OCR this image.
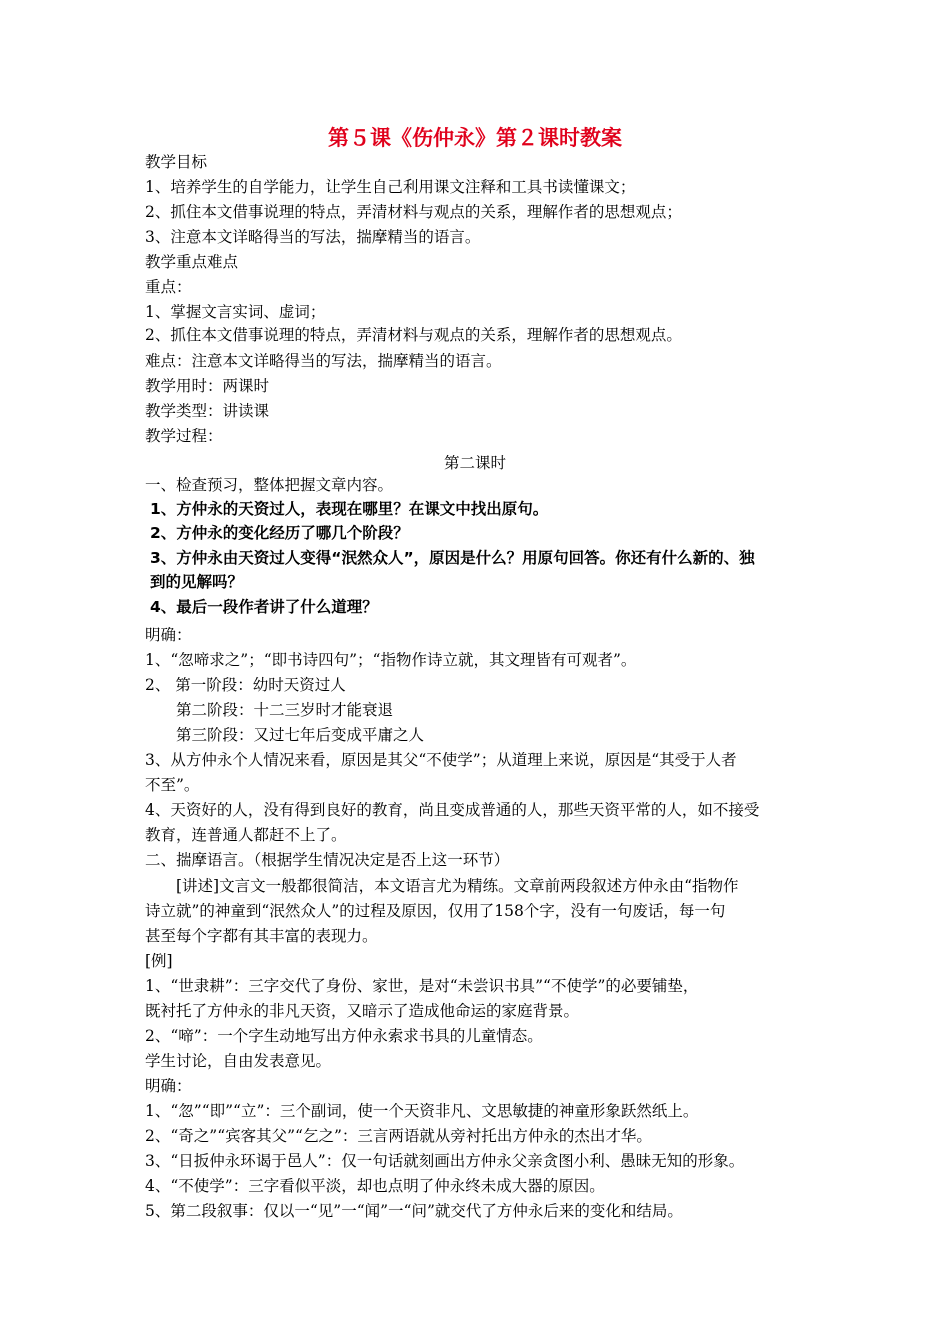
第５课《伤仲永》第２课时教案
教学目标
1、培养学生的自学能力，让学生自己利用课文注释和工具书读懂课文；
2、抓住本文借事说理的特点，弄清材料与观点的关系，理解作者的思想观点；
3、注意本文详略得当的写法，揣摩精当的语言。
教学重点难点
重点：
1、掌握文言实词、虚词；
2、抓住本文借事说理的特点，弄清材料与观点的关系，理解作者的思想观点。
难点：注意本文详略得当的写法，揣摩精当的语言。
教学用时：两课时
教学类型：讲读课
教学过程：
第二课时
一、检查预习，整体把握文章内容。
1、方仲永的天资过人，表现在哪里？在课文中找出原句。
2、方仲永的变化经历了哪几个阶段？
3、方仲永由天资过人变得“泯然众人”，原因是什么？用原句回答。你还有什么新的、独
到的见解吗？
4、最后一段作者讲了什么道理？
明确：
1、“忽啼求之”；“即书诗四句”；“指物作诗立就，其文理皆有可观者”。
2、 第一阶段：幼时天资过人
第二阶段：十二三岁时才能衰退
第三阶段：又过七年后变成平庸之人
3、从方仲永个人情况来看，原因是其父“不使学”；从道理上来说，原因是“其受于人者
不至”。
4、天资好的人，没有得到良好的教育，尚且变成普通的人，那些天资平常的人，如不接受
教育，连普通人都赶不上了。
二、揣摩语言。（根据学生情况决定是否上这一环节）
[讲述]文言文一般都很简洁，本文语言尤为精练。文章前两段叙述方仲永由“指物作
诗立就”的神童到“泯然众人”的过程及原因，仅用了158个字，没有一句废话，每一句
甚至每个字都有其丰富的表现力。
[例]
1、“世隶耕”：三字交代了身份、家世，是对“未尝识书具”“不使学”的必要铺垫，
既衬托了方仲永的非凡天资，又暗示了造成他命运的家庭背景。
2、“啼”：一个字生动地写出方仲永索求书具的儿童情态。
学生讨论，自由发表意见。
明确：
1、“忽”“即”“立”：三个副词，使一个天资非凡、文思敏捷的神童形象跃然纸上。
2、“奇之”“宾客其父”“乞之”：三言两语就从旁衬托出方仲永的杰出才华。
3、“日扳仲永环谒于邑人”：仅一句话就刻画出方仲永父亲贪图小利、愚昧无知的形象。
4、“不使学”：三字看似平淡，却也点明了仲永终未成大器的原因。
5、第二段叙事：仅以一“见”一“闻”一“问”就交代了方仲永后来的变化和结局。
